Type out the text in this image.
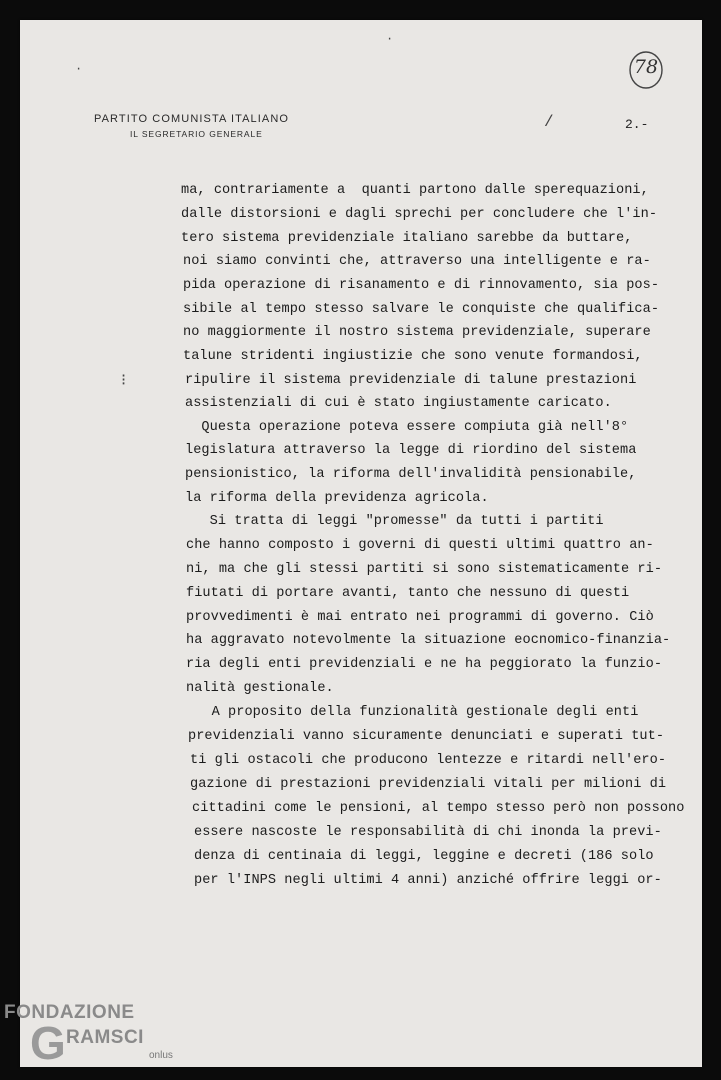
PARTITO COMUNISTA ITALIANO
IL SEGRETARIO GENERALE
2.-
78
·
·
/
⁝
ma, contrariamente a  quanti partono dalle sperequazioni,
dalle distorsioni e dagli sprechi per concludere che l'in-
tero sistema previdenziale italiano sarebbe da buttare,
noi siamo convinti che, attraverso una intelligente e ra-
pida operazione di risanamento e di rinnovamento, sia pos-
sibile al tempo stesso salvare le conquiste che qualifica-
no maggiormente il nostro sistema previdenziale, superare
talune stridenti ingiustizie che sono venute formandosi,
ripulire il sistema previdenziale di talune prestazioni
assistenziali di cui è stato ingiustamente caricato.
Questa operazione poteva essere compiuta già nell'8°
legislatura attraverso la legge di riordino del sistema
pensionistico, la riforma dell'invalidità pensionabile,
la riforma della previdenza agricola.
Si tratta di leggi "promesse" da tutti i partiti
che hanno composto i governi di questi ultimi quattro an-
ni, ma che gli stessi partiti si sono sistematicamente ri-
fiutati di portare avanti, tanto che nessuno di questi
provvedimenti è mai entrato nei programmi di governo. Ciò
ha aggravato notevolmente la situazione eocnomico-finanzia-
ria degli enti previdenziali e ne ha peggiorato la funzio-
nalità gestionale.
A proposito della funzionalità gestionale degli enti
previdenziali vanno sicuramente denunciati e superati tut-
ti gli ostacoli che producono lentezze e ritardi nell'ero-
gazione di prestazioni previdenziali vitali per milioni di
cittadini come le pensioni, al tempo stesso però non possono
essere nascoste le responsabilità di chi inonda la previ-
denza di centinaia di leggi, leggine e decreti (186 solo
per l'INPS negli ultimi 4 anni) anziché offrire leggi or-
FONDAZIONE
G RAMSCI
onlus
